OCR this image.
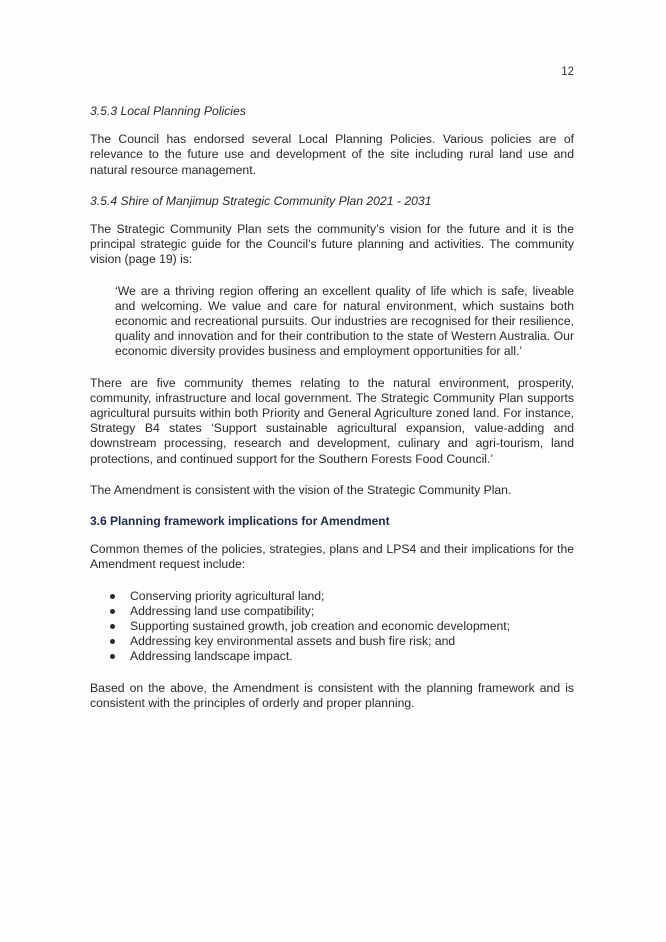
12

3.5.3 Local Planning Policies

The Council has endorsed several Local Planning Policies. Various policies are of relevance to the future use and development of the site including rural land use and natural resource management.

3.5.4 Shire of Manjimup Strategic Community Plan 2021 - 2031

The Strategic Community Plan sets the community’s vision for the future and it is the principal strategic guide for the Council’s future planning and activities. The community vision (page 19) is:

‘We are a thriving region offering an excellent quality of life which is safe, liveable and welcoming. We value and care for natural environment, which sustains both economic and recreational pursuits. Our industries are recognised for their resilience, quality and innovation and for their contribution to the state of Western Australia. Our economic diversity provides business and employment opportunities for all.’

There are five community themes relating to the natural environment, prosperity, community, infrastructure and local government. The Strategic Community Plan supports agricultural pursuits within both Priority and General Agriculture zoned land. For instance, Strategy B4 states ‘Support sustainable agricultural expansion, value-adding and downstream processing, research and development, culinary and agri-tourism, land protections, and continued support for the Southern Forests Food Council.’

The Amendment is consistent with the vision of the Strategic Community Plan.

3.6 Planning framework implications for Amendment

Common themes of the policies, strategies, plans and LPS4 and their implications for the Amendment request include:

Conserving priority agricultural land;
Addressing land use compatibility;
Supporting sustained growth, job creation and economic development;
Addressing key environmental assets and bush fire risk; and
Addressing landscape impact.

Based on the above, the Amendment is consistent with the planning framework and is consistent with the principles of orderly and proper planning.
